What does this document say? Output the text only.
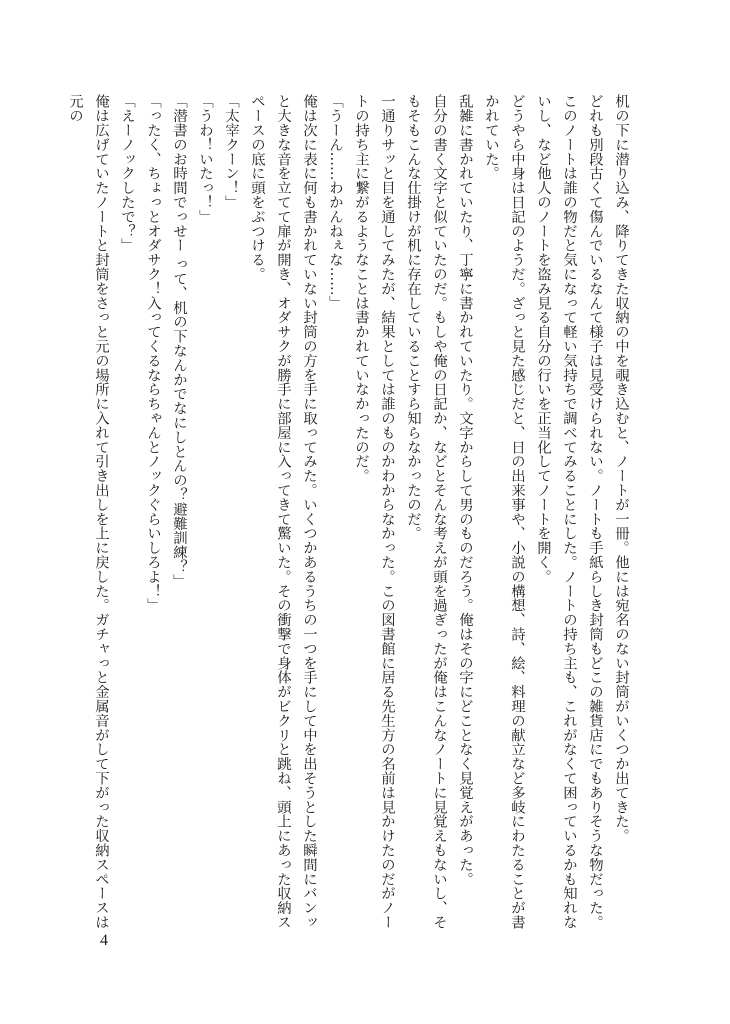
机の下に潜り込み、降りてきた収納の中を覗き込むと、ノートが一冊。他には宛名のない封筒がいくつか出てきた。

どれも別段古くて傷んでいるなんて様子は見受けられない。ノートも手紙らしき封筒もどこの雑貨店にでもありそうな物だった。

このノートは誰の物だと気になって軽い気持ちで調べてみることにした。ノートの持ち主も、これがなくて困っているかも知れないし、など他人のノートを盗み見る自分の行いを正当化してノートを開く。

どうやら中身は日記のようだ。ざっと見た感じだと、日の出来事や、小説の構想、詩、絵、料理の献立など多岐にわたることが書かれていた。

乱雑に書かれていたり、丁寧に書かれていたり。文字からして男のものだろう。俺はその字にどことなく見覚えがあった。

自分の書く文字と似ていたのだ。もしや俺の日記か、などとそんな考えが頭を過ぎったが俺はこんなノートに見覚えもないし、そもそもこんな仕掛けが机に存在していることすら知らなかったのだ。

一通りサッと目を通してみたが、結果としては誰のものかわからなかった。この図書館に居る先生方の名前は見かけたのだがノートの持ち主に繋がるようなことは書かれていなかったのだ。

「うーん……わかんねぇな……」

俺は次に表に何も書かれていない封筒の方を手に取ってみた。いくつかあるうちの一つを手にして中を出そうとした瞬間にバンッと大きな音を立てて扉が開き、オダサクが勝手に部屋に入ってきて驚いた。その衝撃で身体がビクリと跳ね、頭上にあった収納スペースの底に頭をぶつける。

「太宰クーン！」

「うわ！いたっ！」

「潜書のお時間でっせー って、机の下なんかでなにしとんの？避難訓練？」

「ったく、ちょっとオダサク！入ってくるならちゃんとノックぐらいしろよ！」

「えーノックしたで？」

俺は広げていたノートと封筒をさっと元の場所に入れて引き出しを上に戻した。ガチャっと金属音がして下がった収納スペースは元の

4
